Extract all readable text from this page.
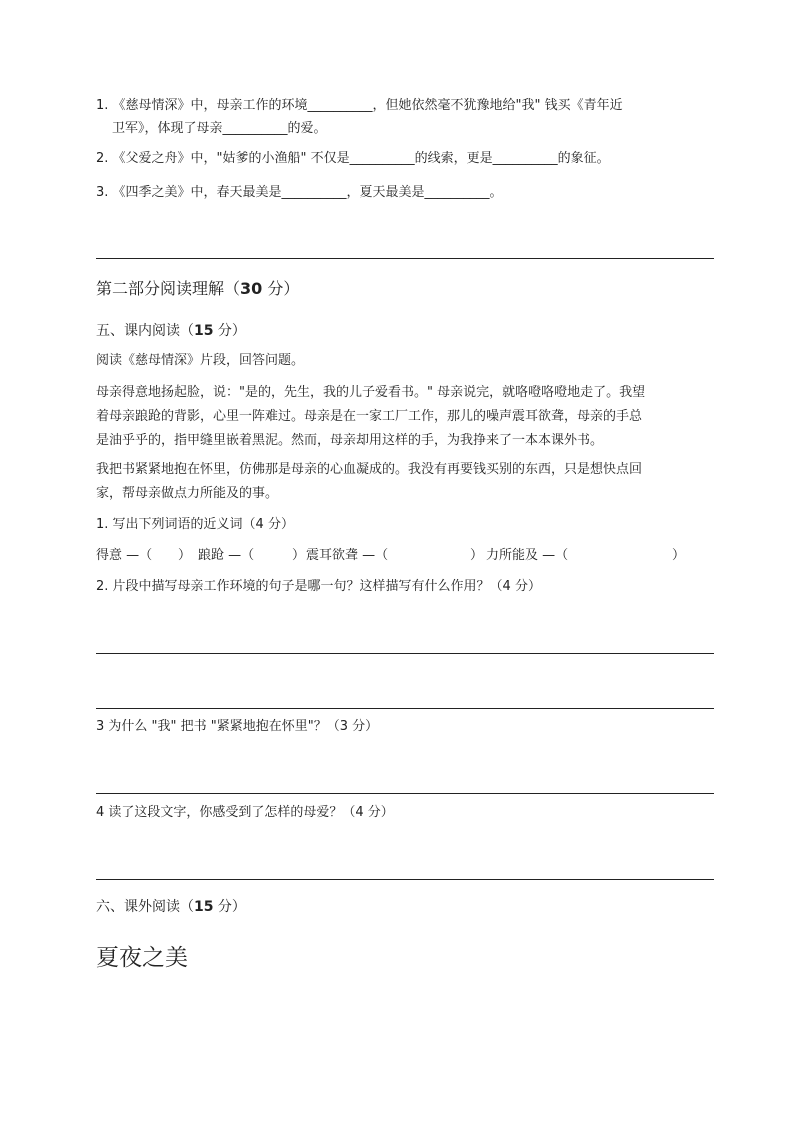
1. 《慈母情深》中，母亲工作的环境__________，但她依然毫不犹豫地给"我" 钱买《青年近
卫军》，体现了母亲__________的爱。
2. 《父爱之舟》中，"姑爹的小渔船" 不仅是__________的线索，更是__________的象征。
3. 《四季之美》中，春天最美是__________，夏天最美是__________。
第二部分阅读理解（30 分）
五、课内阅读（15 分）
阅读《慈母情深》片段，回答问题。
母亲得意地扬起脸，说："是的，先生，我的儿子爱看书。" 母亲说完，就咯噔咯噔地走了。我望
着母亲踉跄的背影，心里一阵难过。母亲是在一家工厂工作，那儿的噪声震耳欲聋，母亲的手总
是油乎乎的，指甲缝里嵌着黑泥。然而，母亲却用这样的手，为我挣来了一本本课外书。
我把书紧紧地抱在怀里，仿佛那是母亲的心血凝成的。我没有再要钱买别的东西，只是想快点回
家，帮母亲做点力所能及的事。
1. 写出下列词语的近义词（4 分）
得意 —（ ） 踉跄 —（	） 震耳欲聋 —（	） 力所能及 —（	）
2. 片段中描写母亲工作环境的句子是哪一句？这样描写有什么作用？（4 分）
3 为什么 "我" 把书 "紧紧地抱在怀里"？（3 分）
4 读了这段文字，你感受到了怎样的母爱？（4 分）
六、课外阅读（15 分）
夏夜之美
